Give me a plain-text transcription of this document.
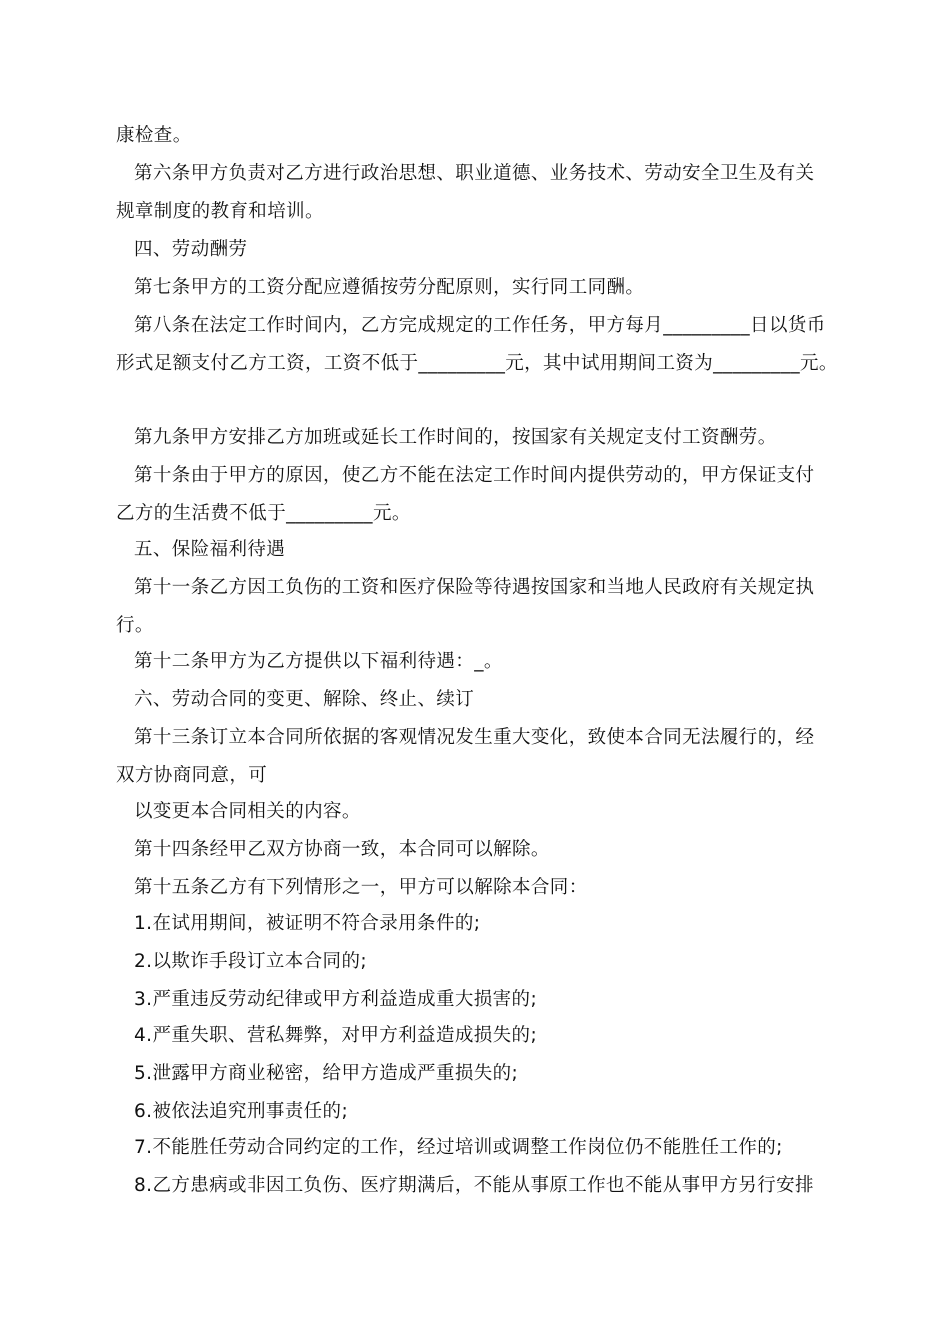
康检查。
第六条甲方负责对乙方进行政治思想、职业道德、业务技术、劳动安全卫生及有关
规章制度的教育和培训。
四、劳动酬劳
第七条甲方的工资分配应遵循按劳分配原则，实行同工同酬。
第八条在法定工作时间内，乙方完成规定的工作任务，甲方每月_________日以货币
形式足额支付乙方工资，工资不低于_________元，其中试用期间工资为_________元。
第九条甲方安排乙方加班或延长工作时间的，按国家有关规定支付工资酬劳。
第十条由于甲方的原因，使乙方不能在法定工作时间内提供劳动的，甲方保证支付
乙方的生活费不低于_________元。
五、保险福利待遇
第十一条乙方因工负伤的工资和医疗保险等待遇按国家和当地人民政府有关规定执
行。
第十二条甲方为乙方提供以下福利待遇：_。
六、劳动合同的变更、解除、终止、续订
第十三条订立本合同所依据的客观情况发生重大变化，致使本合同无法履行的，经
双方协商同意，可
以变更本合同相关的内容。
第十四条经甲乙双方协商一致，本合同可以解除。
第十五条乙方有下列情形之一，甲方可以解除本合同：
1.在试用期间，被证明不符合录用条件的;
2.以欺诈手段订立本合同的;
3.严重违反劳动纪律或甲方利益造成重大损害的;
4.严重失职、营私舞弊，对甲方利益造成损失的;
5.泄露甲方商业秘密，给甲方造成严重损失的;
6.被依法追究刑事责任的;
7.不能胜任劳动合同约定的工作，经过培训或调整工作岗位仍不能胜任工作的;
8.乙方患病或非因工负伤、医疗期满后，不能从事原工作也不能从事甲方另行安排
